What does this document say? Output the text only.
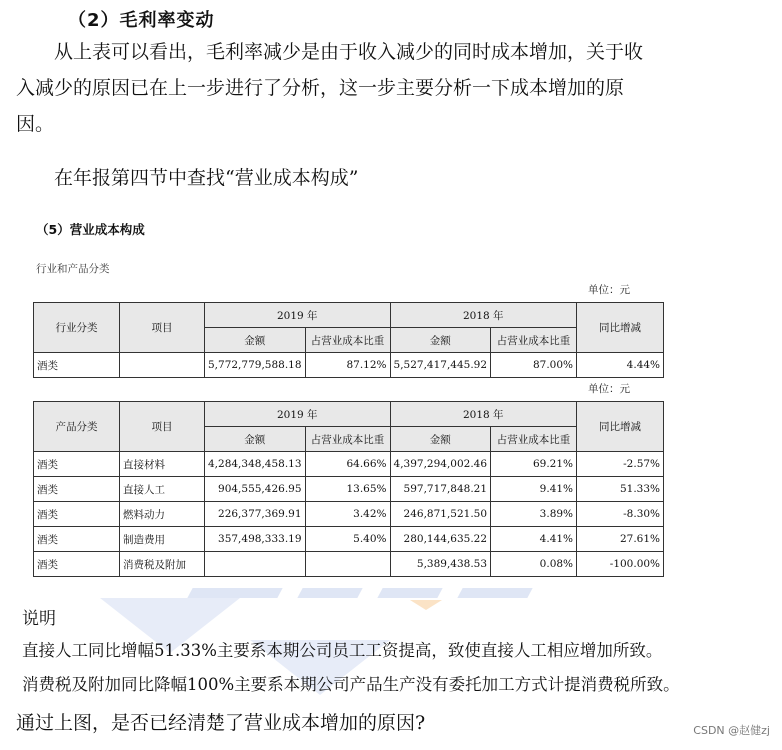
（2）毛利率变动

从上表可以看出，毛利率减少是由于收入减少的同时成本增加，关于收入减少的原因已在上一步进行了分析，这一步主要分析一下成本增加的原因。

在年报第四节中查找“营业成本构成”

（5）营业成本构成
行业和产品分类
单位：元
行业分类	项目	2019 年		2018 年		同比增减
		金额	占营业成本比重	金额	占营业成本比重	
酒类		5,772,779,588.18	87.12%	5,527,417,445.92	87.00%	4.44%
单位：元
产品分类	项目	2019 年		2018 年		同比增减
		金额	占营业成本比重	金额	占营业成本比重	
酒类	直接材料	4,284,348,458.13	64.66%	4,397,294,002.46	69.21%	-2.57%
酒类	直接人工	904,555,426.95	13.65%	597,717,848.21	9.41%	51.33%
酒类	燃料动力	226,377,369.91	3.42%	246,871,521.50	3.89%	-8.30%
酒类	制造费用	357,498,333.19	5.40%	280,144,635.22	4.41%	27.61%
酒类	消费税及附加			5,389,438.53	0.08%	-100.00%
说明
直接人工同比增幅51.33%主要系本期公司员工工资提高，致使直接人工相应增加所致。
消费税及附加同比降幅100%主要系本期公司产品生产没有委托加工方式计提消费税所致。
通过上图，是否已经清楚了营业成本增加的原因?	CSDN @赵健zj
